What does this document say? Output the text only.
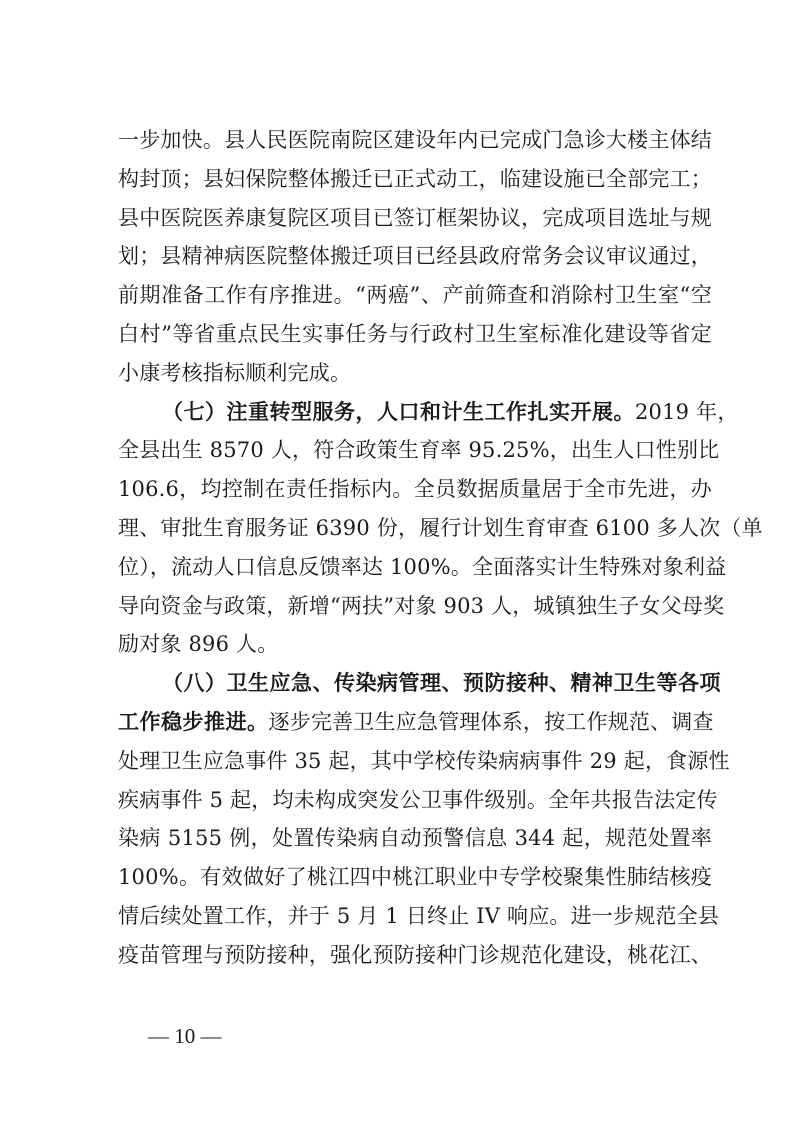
一步加快。县人民医院南院区建设年内已完成门急诊大楼主体结
构封顶；县妇保院整体搬迁已正式动工，临建设施已全部完工；
县中医院医养康复院区项目已签订框架协议，完成项目选址与规
划；县精神病医院整体搬迁项目已经县政府常务会议审议通过，
前期准备工作有序推进。“两癌”、产前筛查和消除村卫生室“空
白村”等省重点民生实事任务与行政村卫生室标准化建设等省定
小康考核指标顺利完成。
（七）注重转型服务，人口和计生工作扎实开展。2019 年，
全县出生 8570 人，符合政策生育率 95.25%，出生人口性别比
106.6，均控制在责任指标内。全员数据质量居于全市先进，办
理、审批生育服务证 6390 份，履行计划生育审查 6100 多人次（单
位），流动人口信息反馈率达 100%。全面落实计生特殊对象利益
导向资金与政策，新增“两扶”对象 903 人，城镇独生子女父母奖
励对象 896 人。
（八）卫生应急、传染病管理、预防接种、精神卫生等各项
工作稳步推进。逐步完善卫生应急管理体系，按工作规范、调查
处理卫生应急事件 35 起，其中学校传染病病事件 29 起，食源性
疾病事件 5 起，均未构成突发公卫事件级别。全年共报告法定传
染病 5155 例，处置传染病自动预警信息 344 起，规范处置率
100%。有效做好了桃江四中桃江职业中专学校聚集性肺结核疫
情后续处置工作，并于 5 月 1 日终止 IV 响应。进一步规范全县
疫苗管理与预防接种，强化预防接种门诊规范化建设，桃花江、
— 10 —
